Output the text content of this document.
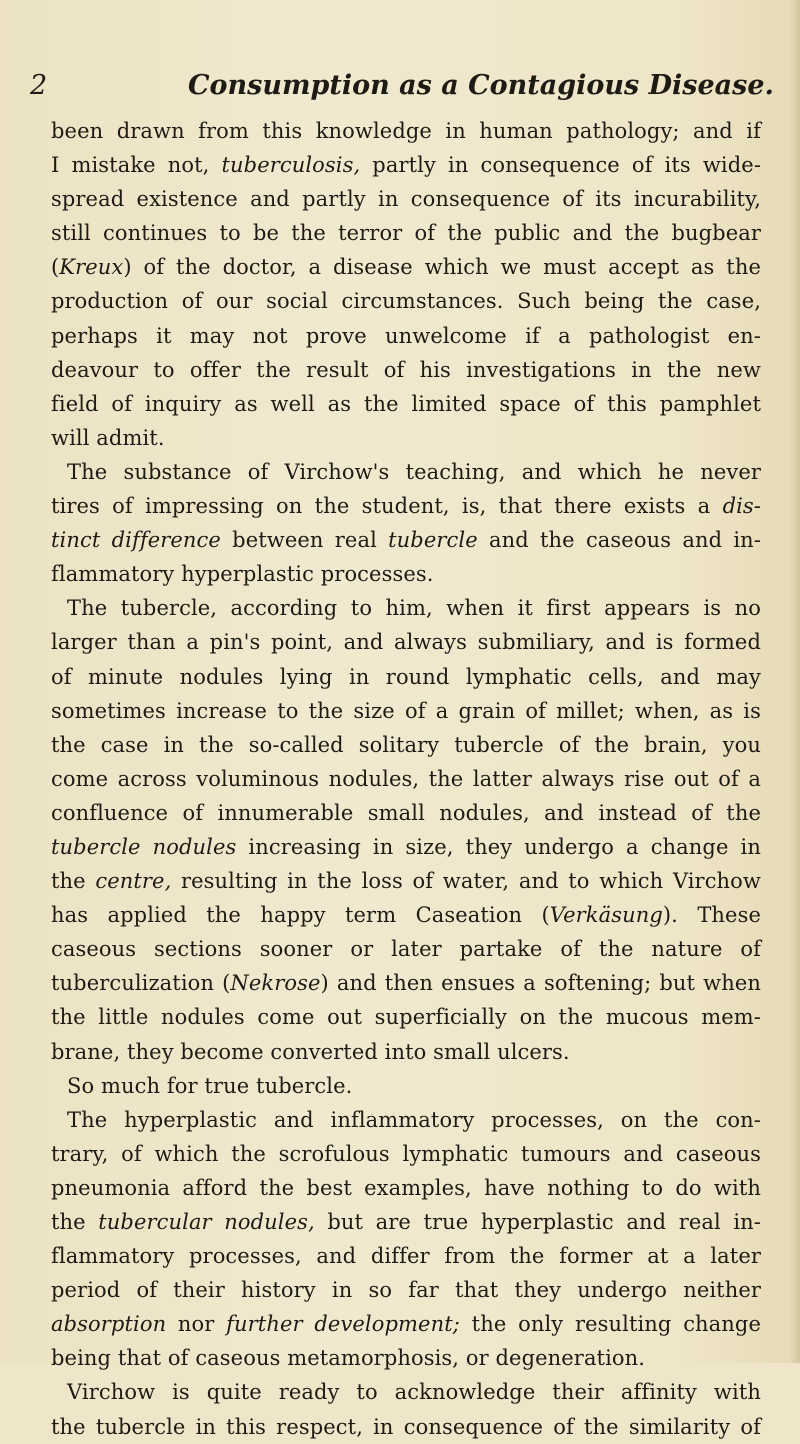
2	Consumption as a Contagious Disease.
been drawn from this knowledge in human pathology; and if
I mistake not, tuberculosis, partly in consequence of its wide-
spread existence and partly in consequence of its incurability,
still continues to be the terror of the public and the bugbear
(Kreux) of the doctor, a disease which we must accept as the
production of our social circumstances. Such being the case,
perhaps it may not prove unwelcome if a pathologist en-
deavour to offer the result of his investigations in the new
field of inquiry as well as the limited space of this pamphlet
will admit.
The substance of Virchow's teaching, and which he never
tires of impressing on the student, is, that there exists a dis-
tinct difference between real tubercle and the caseous and in-
flammatory hyperplastic processes.
The tubercle, according to him, when it first appears is no
larger than a pin's point, and always submiliary, and is formed
of minute nodules lying in round lymphatic cells, and may
sometimes increase to the size of a grain of millet; when, as is
the case in the so-called solitary tubercle of the brain, you
come across voluminous nodules, the latter always rise out of a
confluence of innumerable small nodules, and instead of the
tubercle nodules increasing in size, they undergo a change in
the centre, resulting in the loss of water, and to which Virchow
has applied the happy term Caseation (Verkäsung). These
caseous sections sooner or later partake of the nature of
tuberculization (Nekrose) and then ensues a softening; but when
the little nodules come out superficially on the mucous mem-
brane, they become converted into small ulcers.
So much for true tubercle.
The hyperplastic and inflammatory processes, on the con-
trary, of which the scrofulous lymphatic tumours and caseous
pneumonia afford the best examples, have nothing to do with
the tubercular nodules, but are true hyperplastic and real in-
flammatory processes, and differ from the former at a later
period of their history in so far that they undergo neither
absorption nor further development; the only resulting change
being that of caseous metamorphosis, or degeneration.
Virchow is quite ready to acknowledge their affinity with
the tubercle in this respect, in consequence of the similarity of
